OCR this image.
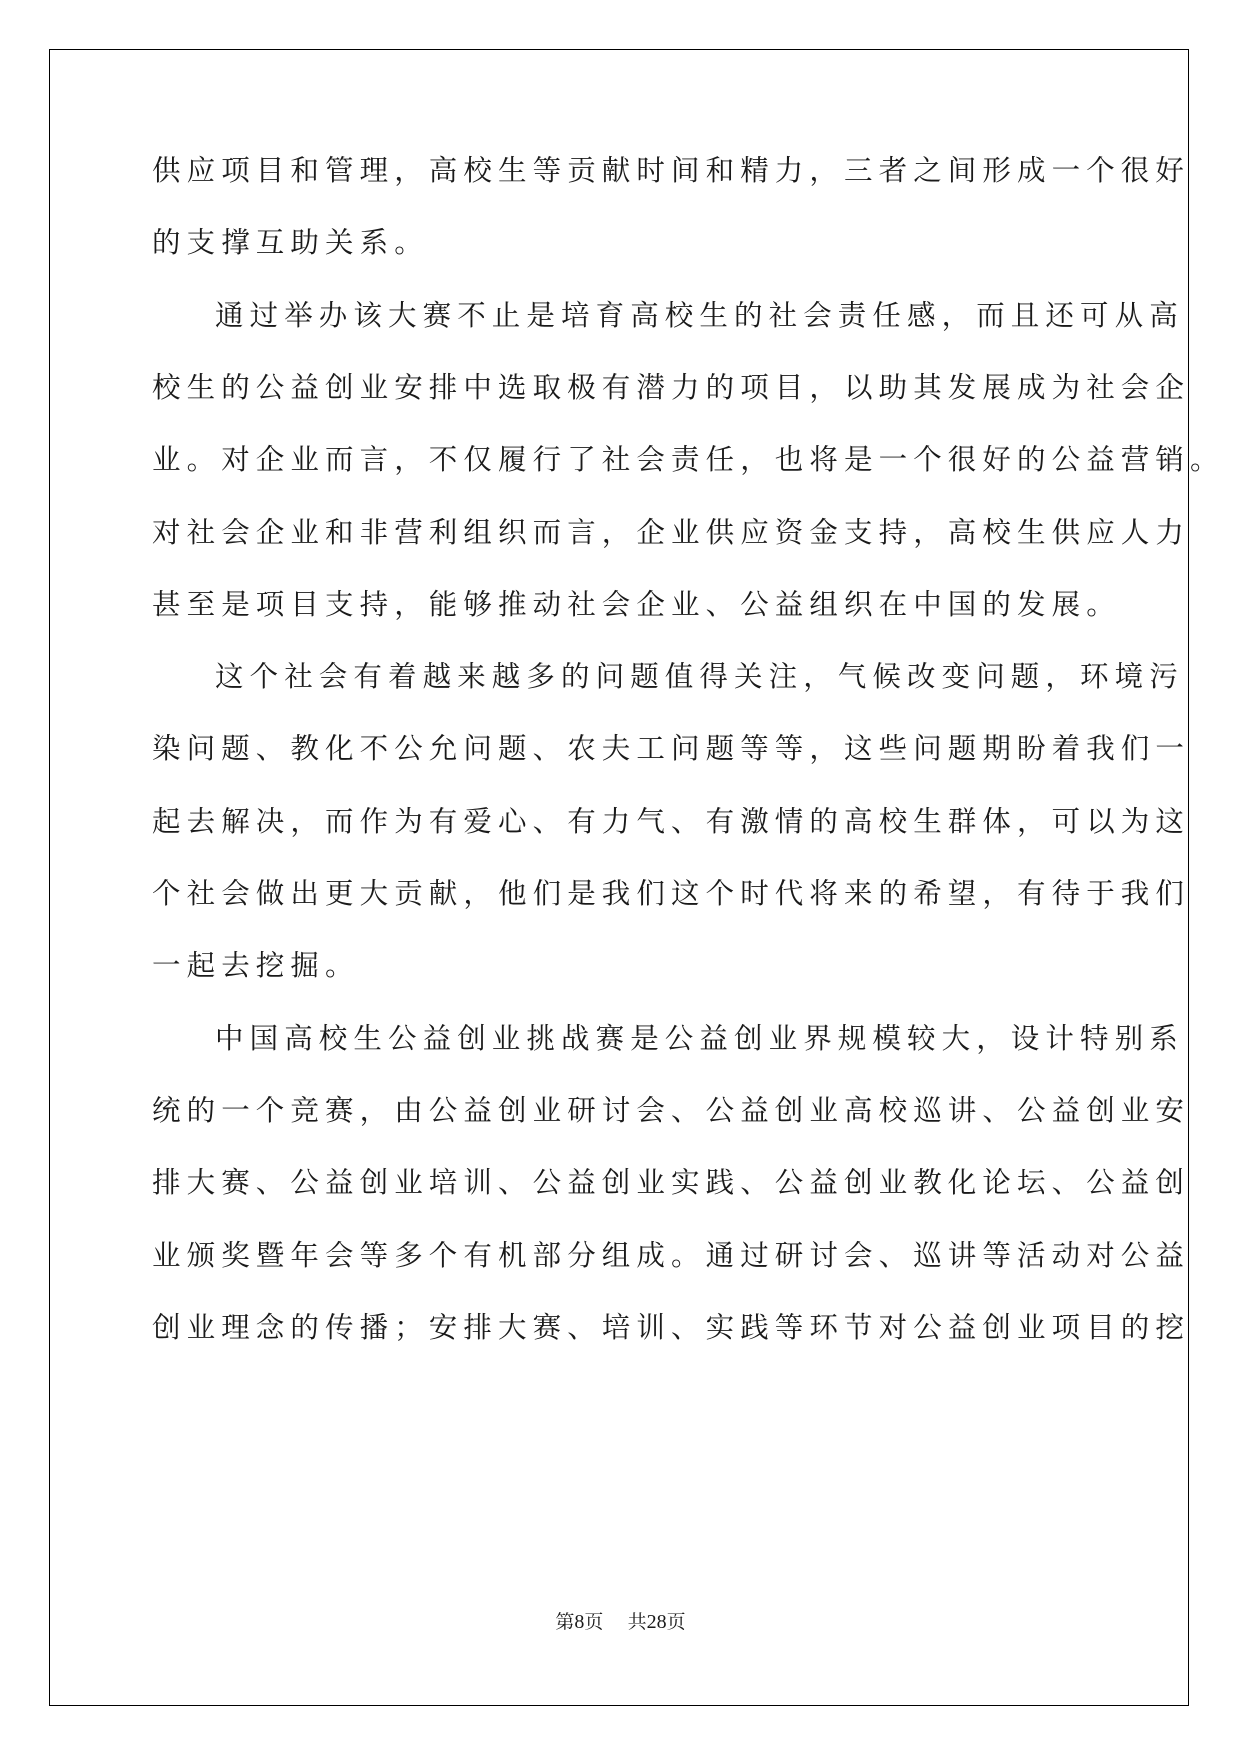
供应项目和管理，高校生等贡献时间和精力，三者之间形成一个很好
的支撑互助关系。
通过举办该大赛不止是培育高校生的社会责任感，而且还可从高
校生的公益创业安排中选取极有潜力的项目，以助其发展成为社会企
业。对企业而言，不仅履行了社会责任，也将是一个很好的公益营销。
对社会企业和非营利组织而言，企业供应资金支持，高校生供应人力
甚至是项目支持，能够推动社会企业、公益组织在中国的发展。
这个社会有着越来越多的问题值得关注，气候改变问题，环境污
染问题、教化不公允问题、农夫工问题等等，这些问题期盼着我们一
起去解决，而作为有爱心、有力气、有激情的高校生群体，可以为这
个社会做出更大贡献，他们是我们这个时代将来的希望，有待于我们
一起去挖掘。
中国高校生公益创业挑战赛是公益创业界规模较大，设计特别系
统的一个竞赛，由公益创业研讨会、公益创业高校巡讲、公益创业安
排大赛、公益创业培训、公益创业实践、公益创业教化论坛、公益创
业颁奖暨年会等多个有机部分组成。通过研讨会、巡讲等活动对公益
创业理念的传播；安排大赛、培训、实践等环节对公益创业项目的挖
第8页 共28页
